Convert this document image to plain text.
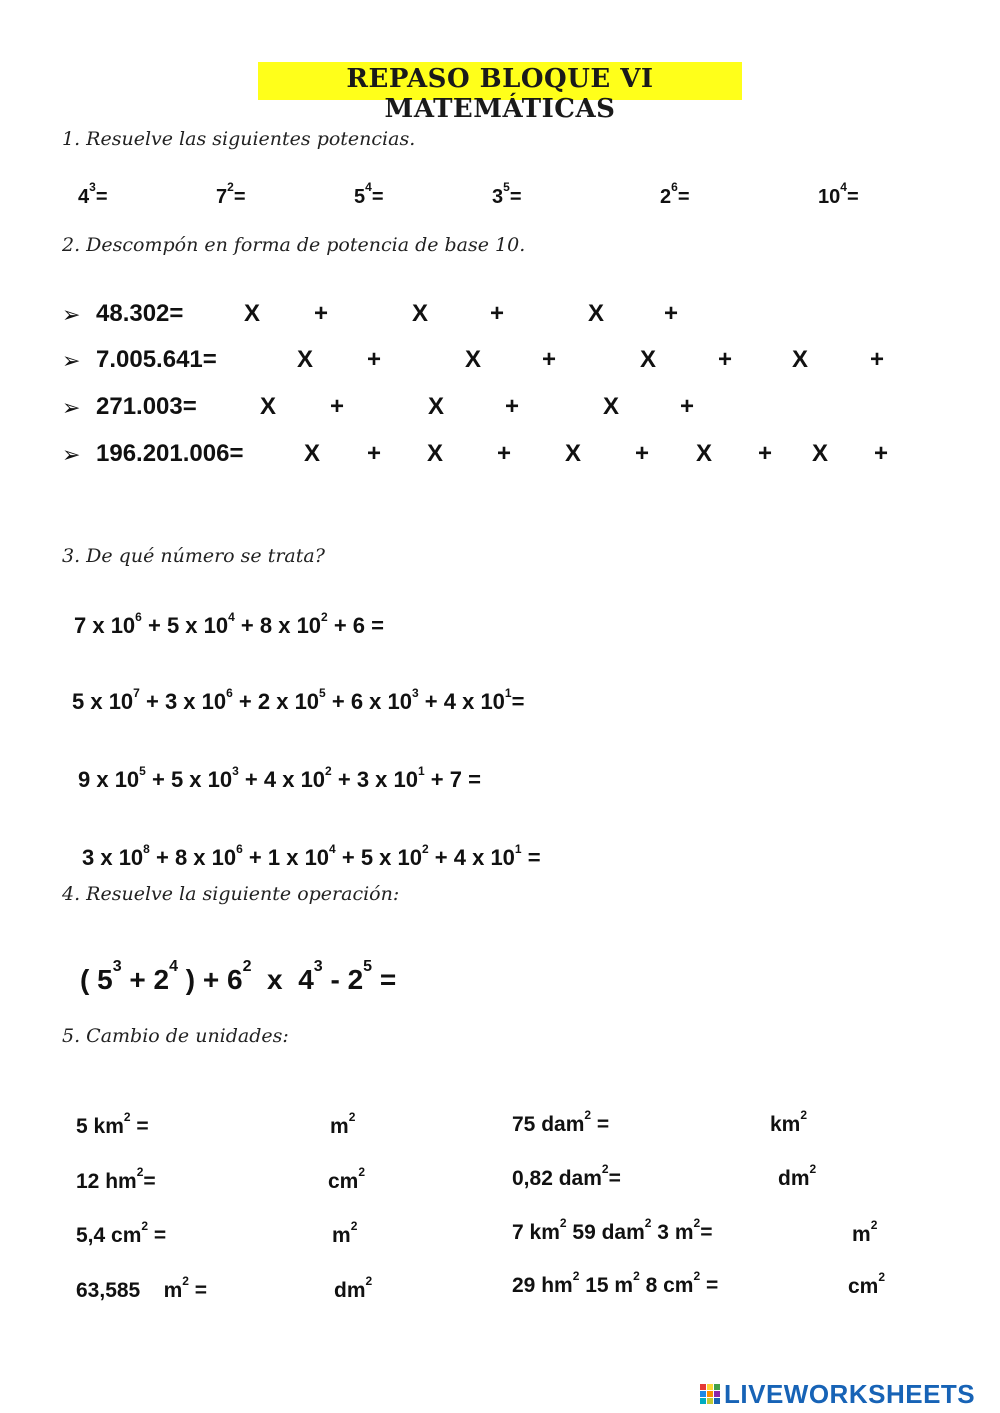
REPASO BLOQUE VI MATEMÁTICAS
1. Resuelve las siguientes potencias.
$4^3=$	$7^2=$	$5^4=$	$3^5=$	$2^6=$	$10^4=$
2. Descompón en forma de potencia de base 10.
➢ 48.302=	X +	X	+	X +
➢ 7.005.641=	X +	X	+	X	+ X	+
➢ 271.003=	X +	X	+	X	+
➢ 196.201.006=	X + X + X + X + X +
3. De qué número se trata?
7 x $10^6 + 5$ x $10^4 + 8$ x $10^2 + 6$ =
5 x $10^7 + 3$ x $10^6 + 2$ x $10^5 + 6$ x $10^3 + 4$ x $10^1=$
9 x $10^5 + 5$ x $10^3 + 4$ x $10^2 + 3$ x $10^1 + 7$ =
3 x $10^8 + 8$ x $10^6 + 1$ x $10^4 + 5$ x $10^2 + 4$ x $10^1$ =
4. Resuelve la siguiente operación:
( $5^3 + 2^4$ ) + $6^2$  x  $4^3 - 2^5$ =
5. Cambio de unidades:
5 $km^2$ =	$m^2$	75 dam$^2$ =	$km^2$
12 $hm^2=$	$cm^2$	0,82 dam$^2$=	$dm^2$
5,4 $cm^2$ =	$m^2$	7 $km^2$ 59 dam$^2$ 3 $m^2=$	$m^2$
63,585    $m^2$ =	$dm^2$	29 $hm^2$ 15 $m^2$ 8 $cm^2$ =	$cm^2$
LIVEWORKSHEETS
